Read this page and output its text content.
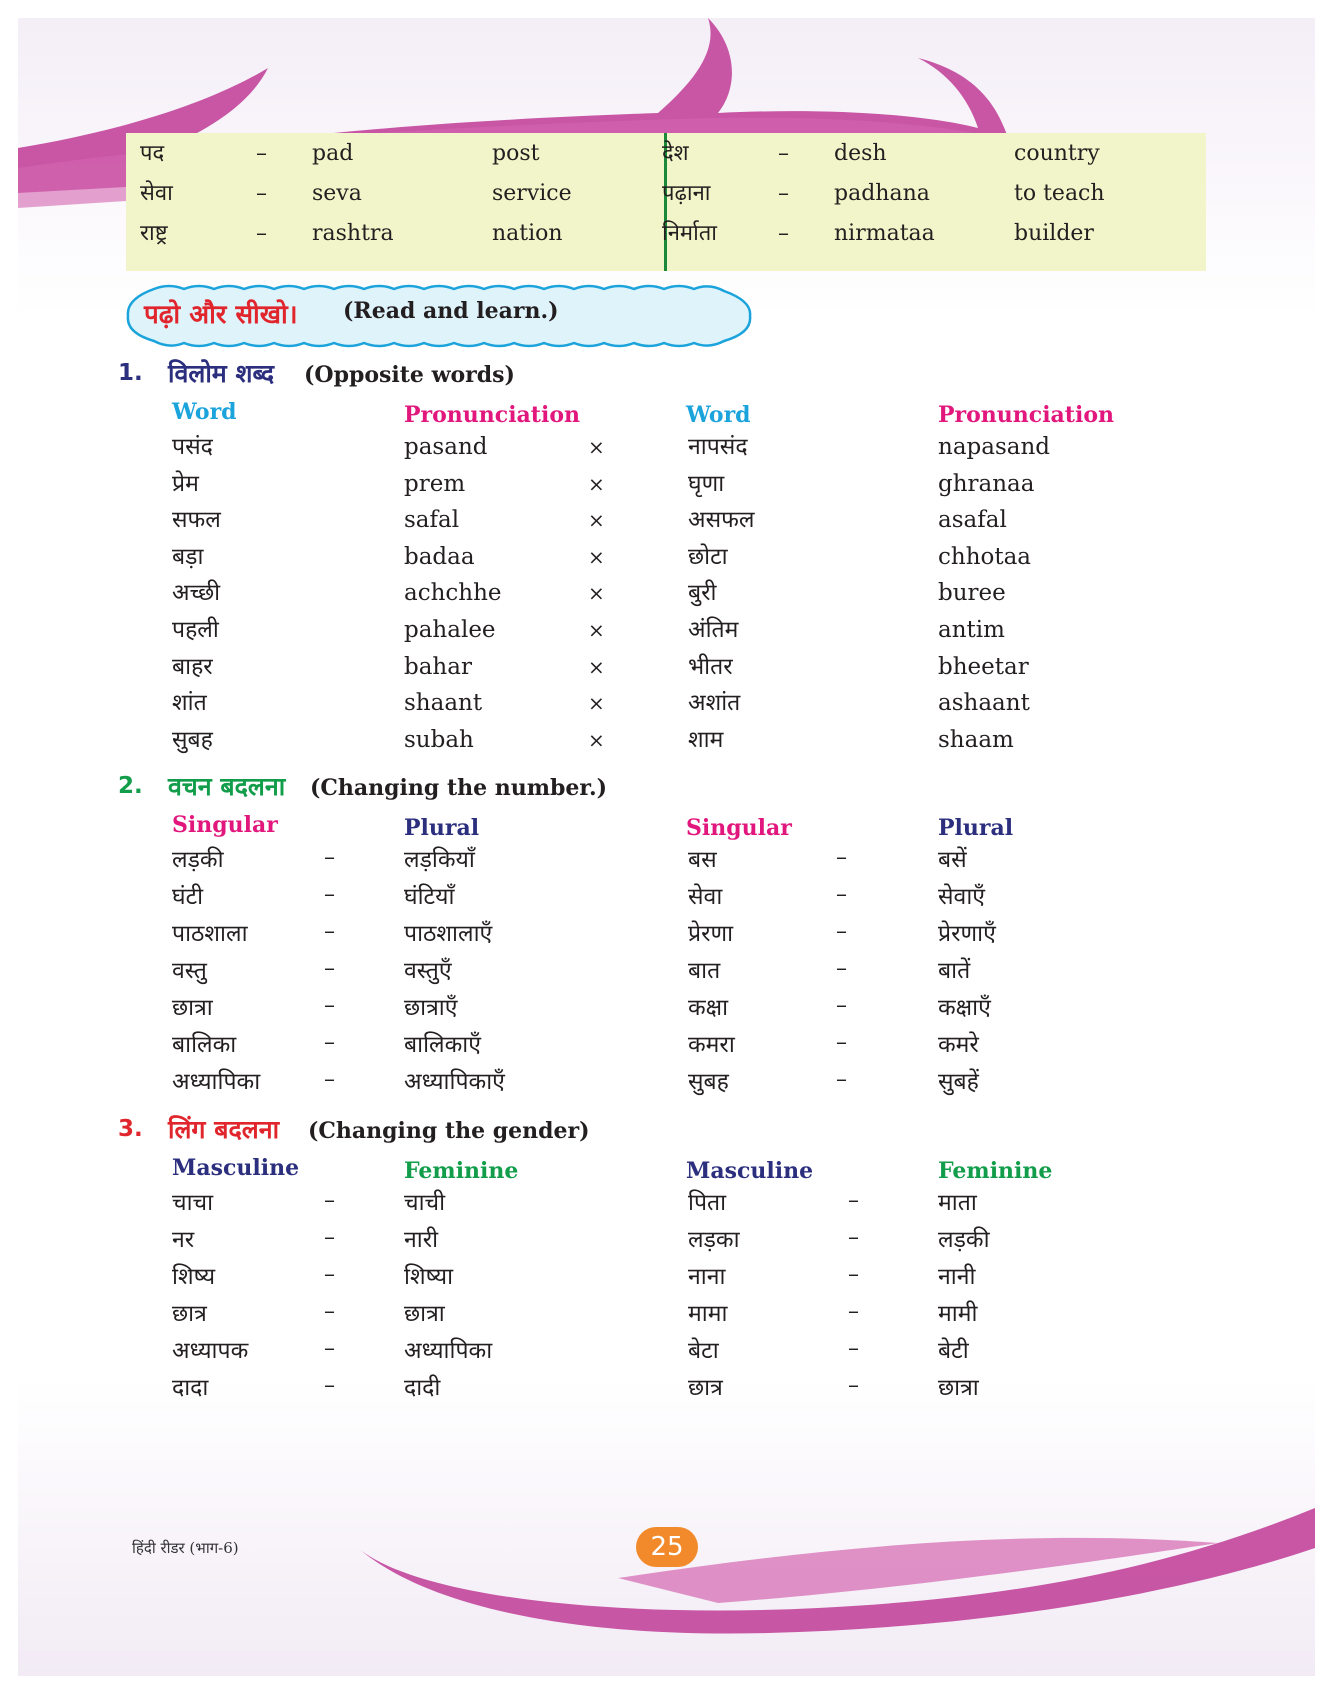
पद	– pad	post
सेवा	– seva	service
राष्ट्र	– rashtra	nation
देश	– desh	country
पढ़ाना	– padhana	to teach
निर्माता	– nirmataa	builder
पढ़ो और सीखो। (Read and learn.)
1. विलोम शब्द (Opposite words)
Word	Pronunciation	Word	Pronunciation
पसंद	pasand	×	नापसंद	napasand
प्रेम	prem	×	घृणा	ghranaa
सफल	safal	×	असफल	asafal
बड़ा	badaa	×	छोटा	chhotaa
अच्छी	achchhe	×	बुरी	buree
पहली	pahalee	×	अंतिम	antim
बाहर	bahar	×	भीतर	bheetar
शांत	shaant	×	अशांत	ashaant
सुबह	subah	×	शाम	shaam
2. वचन बदलना (Changing the number.)
Singular	Plural	Singular	Plural
लड़की	–	लड़कियाँ	बस	–	बसें
घंटी	–	घंटियाँ	सेवा	–	सेवाएँ
पाठशाला	–	पाठशालाएँ	प्रेरणा	–	प्रेरणाएँ
वस्तु	–	वस्तुएँ	बात	–	बातें
छात्रा	–	छात्राएँ	कक्षा	–	कक्षाएँ
बालिका	–	बालिकाएँ	कमरा	–	कमरे
अध्यापिका	–	अध्यापिकाएँ	सुबह	–	सुबहें
3. लिंग बदलना (Changing the gender)
Masculine	Feminine	Masculine	Feminine
चाचा	–	चाची	पिता	–	माता
नर	–	नारी	लड़का	–	लड़की
शिष्य	–	शिष्या	नाना	–	नानी
छात्र	–	छात्रा	मामा	–	मामी
अध्यापक	–	अध्यापिका	बेटा	–	बेटी
दादा	–	दादी	छात्र	–	छात्रा
हिंदी रीडर (भाग-6)	25
